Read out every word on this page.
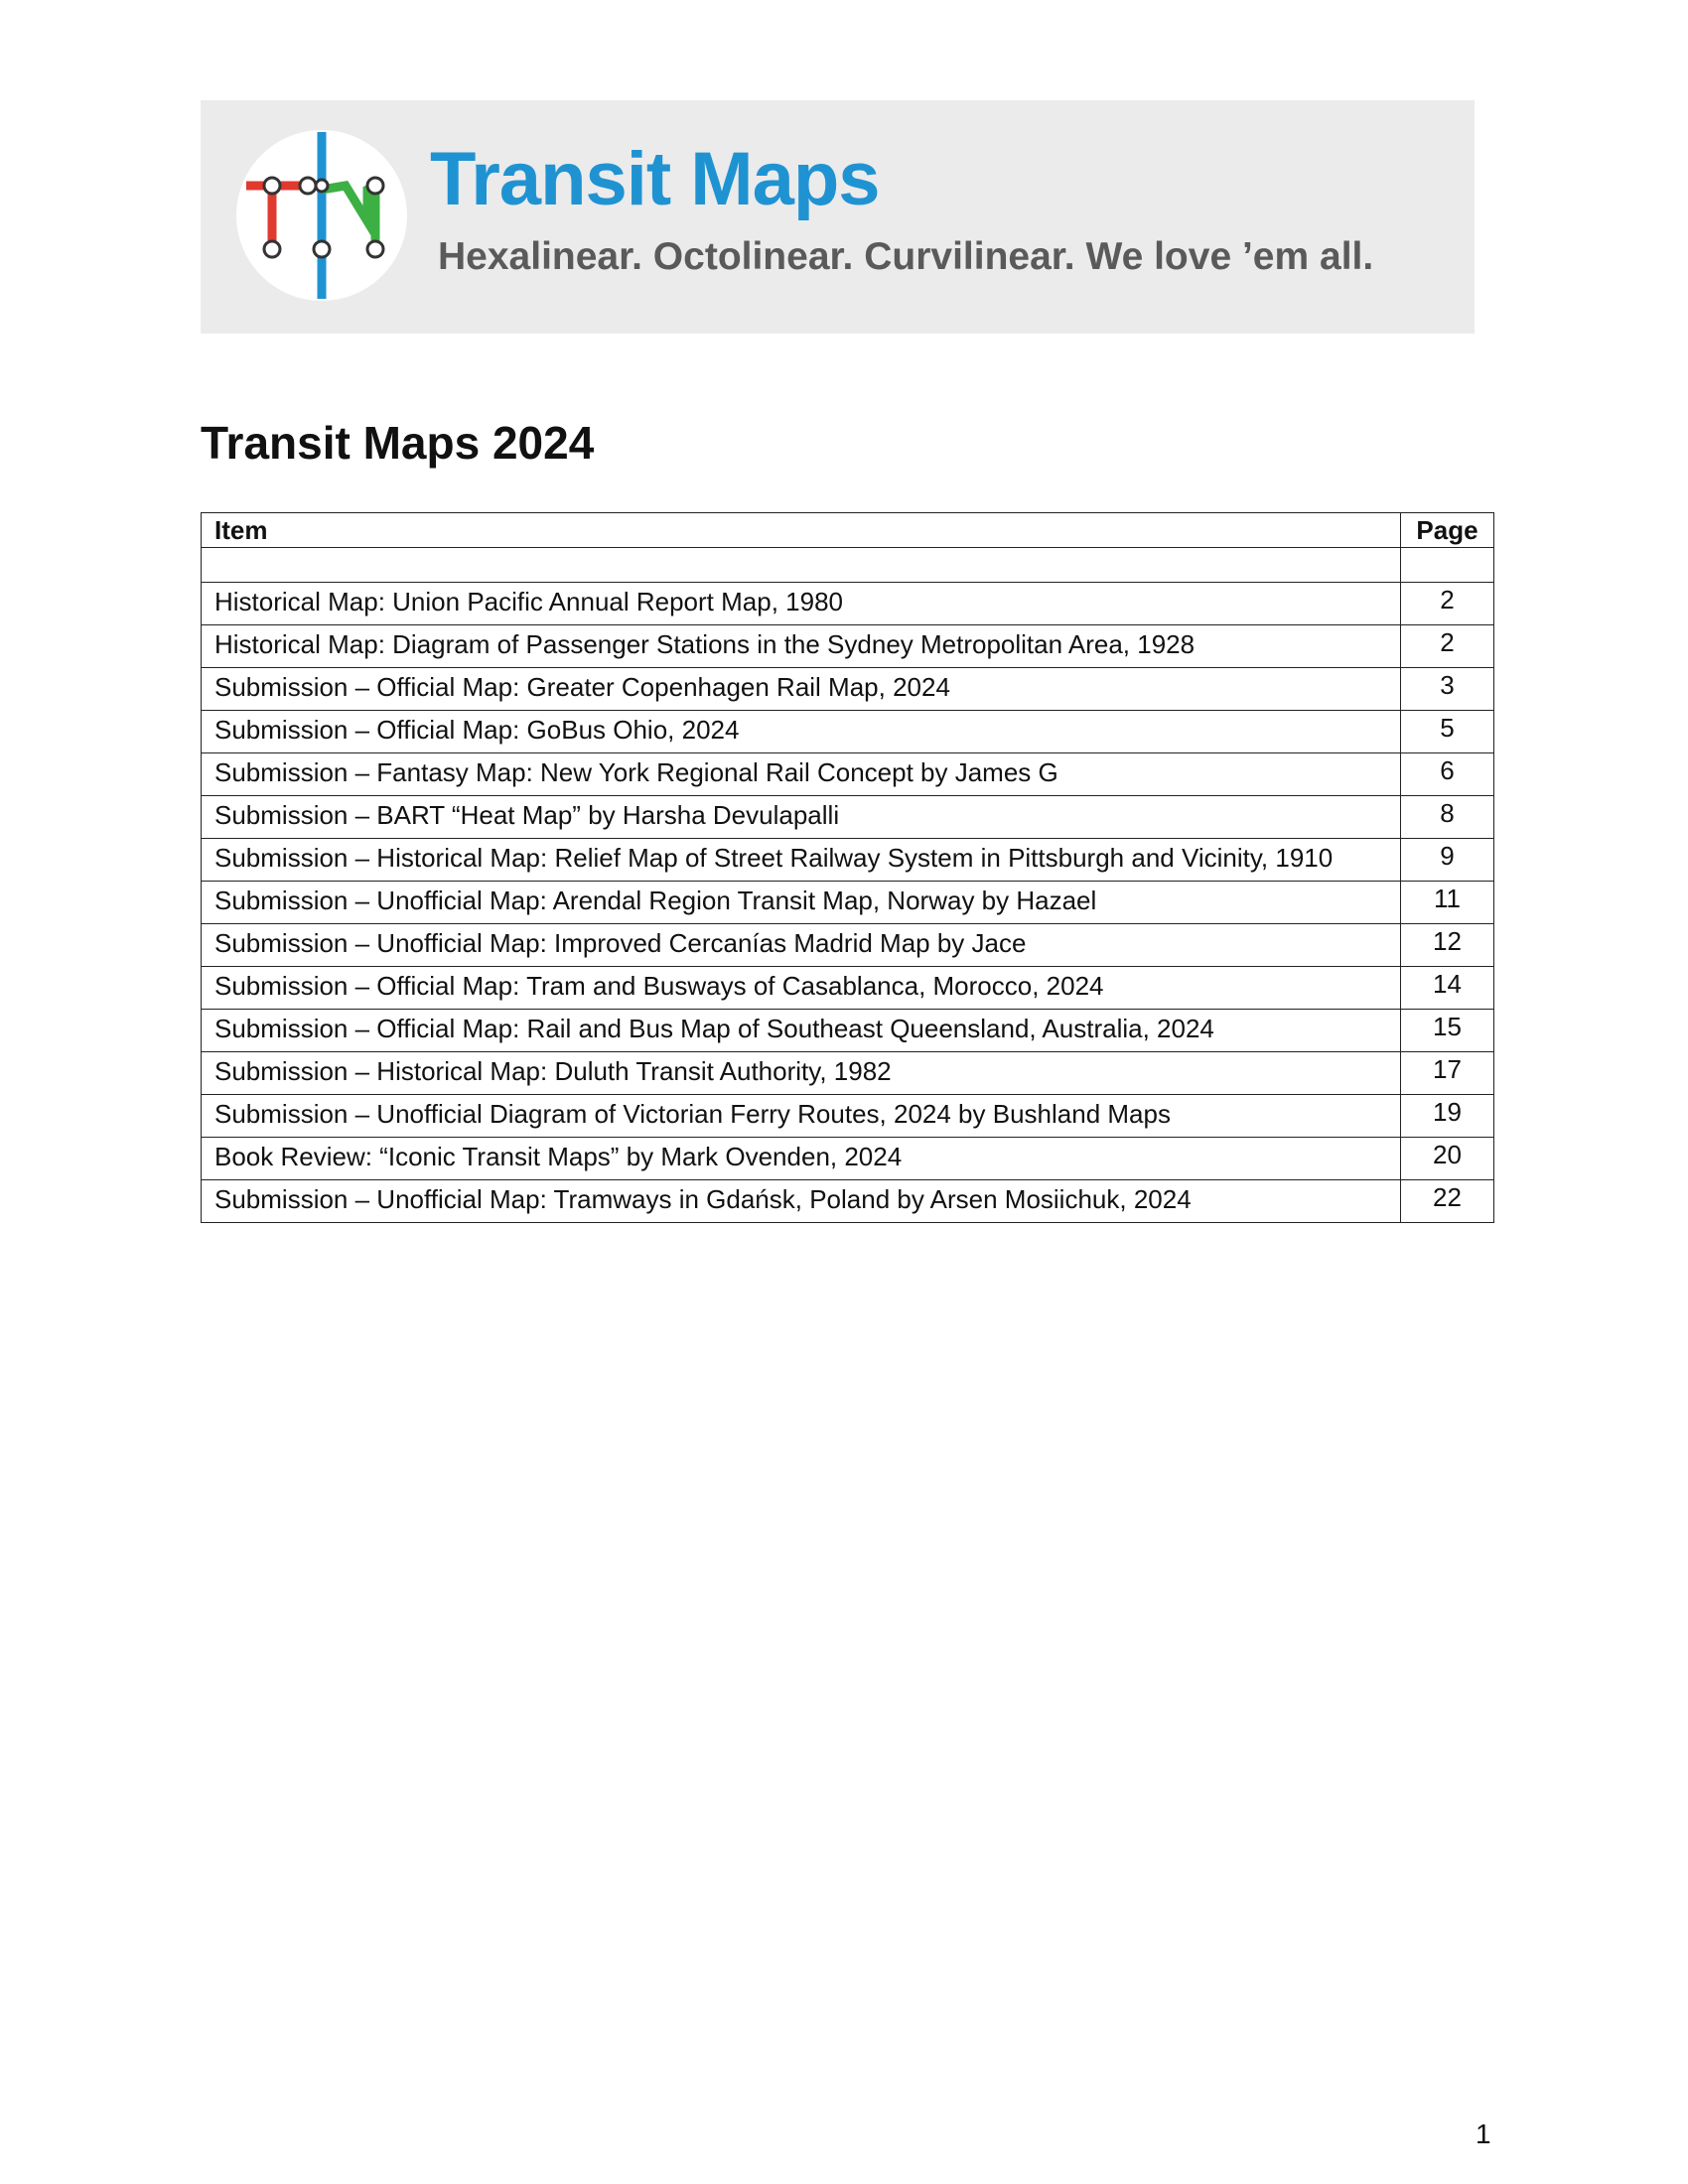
Transit Maps
Hexalinear. Octolinear. Curvilinear. We love ’em all.
Transit Maps 2024
Item	Page

Historical Map: Union Pacific Annual Report Map, 1980	2
Historical Map: Diagram of Passenger Stations in the Sydney Metropolitan Area, 1928	2
Submission – Official Map: Greater Copenhagen Rail Map, 2024	3
Submission – Official Map: GoBus Ohio, 2024	5
Submission – Fantasy Map: New York Regional Rail Concept by James G	6
Submission – BART “Heat Map” by Harsha Devulapalli	8
Submission – Historical Map: Relief Map of Street Railway System in Pittsburgh and Vicinity, 1910	9
Submission – Unofficial Map: Arendal Region Transit Map, Norway by Hazael	11
Submission – Unofficial Map: Improved Cercanías Madrid Map by Jace	12
Submission – Official Map: Tram and Busways of Casablanca, Morocco, 2024	14
Submission – Official Map: Rail and Bus Map of Southeast Queensland, Australia, 2024	15
Submission – Historical Map: Duluth Transit Authority, 1982	17
Submission – Unofficial Diagram of Victorian Ferry Routes, 2024 by Bushland Maps	19
Book Review: “Iconic Transit Maps” by Mark Ovenden, 2024	20
Submission – Unofficial Map: Tramways in Gdańsk, Poland by Arsen Mosiichuk, 2024	22
1
